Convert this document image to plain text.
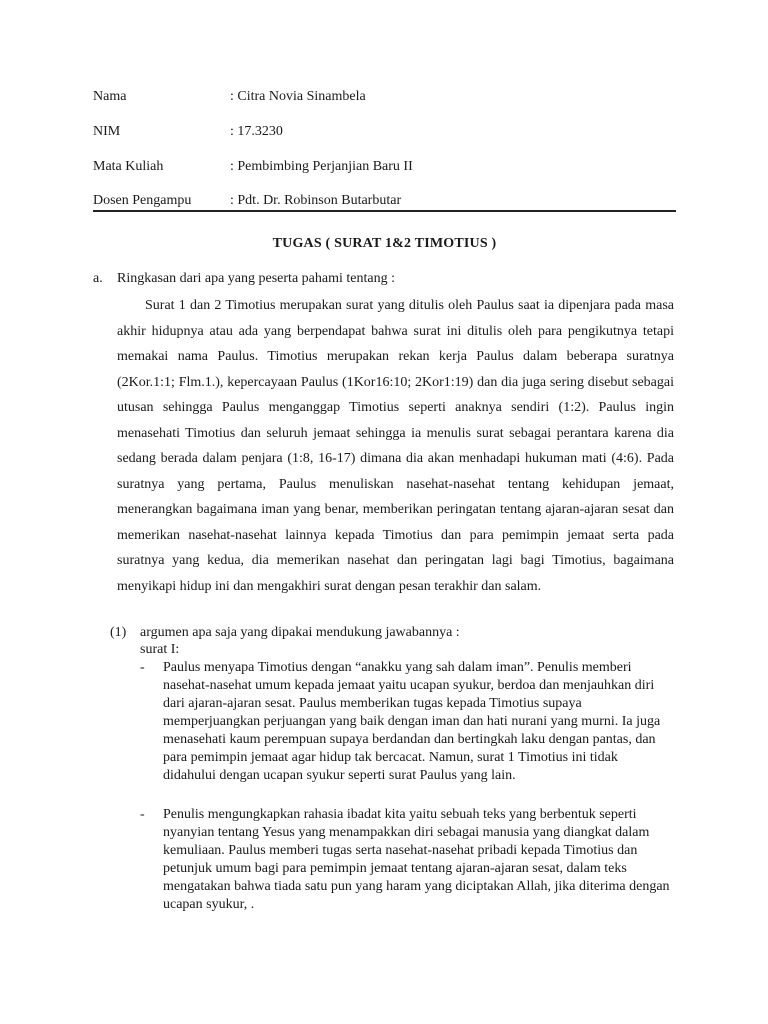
Nama	: Citra Novia Sinambela
NIM	: 17.3230
Mata Kuliah	: Pembimbing Perjanjian Baru II
Dosen Pengampu	: Pdt. Dr. Robinson Butarbutar
TUGAS ( SURAT 1&2 TIMOTIUS )
a. Ringkasan dari apa yang peserta pahami tentang :

Surat 1 dan 2 Timotius merupakan surat yang ditulis oleh Paulus saat ia dipenjara pada masa akhir hidupnya atau ada yang berpendapat bahwa surat ini ditulis oleh para pengikutnya tetapi memakai nama Paulus. Timotius merupakan rekan kerja Paulus dalam beberapa suratnya (2Kor.1:1; Flm.1.), kepercayaan Paulus (1Kor16:10; 2Kor1:19) dan dia juga sering disebut sebagai utusan sehingga Paulus menganggap Timotius seperti anaknya sendiri (1:2). Paulus ingin menasehati Timotius dan seluruh jemaat sehingga ia menulis surat sebagai perantara karena dia sedang berada dalam penjara (1:8, 16-17) dimana dia akan menhadapi hukuman mati (4:6). Pada suratnya yang pertama, Paulus menuliskan nasehat-nasehat tentang kehidupan jemaat, menerangkan bagaimana iman yang benar, memberikan peringatan tentang ajaran-ajaran sesat dan memerikan nasehat-nasehat lainnya kepada Timotius dan para pemimpin jemaat serta pada suratnya yang kedua, dia memerikan nasehat dan peringatan lagi bagi Timotius, bagaimana menyikapi hidup ini dan mengakhiri surat dengan pesan terakhir dan salam.

(1) argumen apa saja yang dipakai mendukung jawabannya :
surat I:
- Paulus menyapa Timotius dengan “anakku yang sah dalam iman”. Penulis memberi nasehat-nasehat umum kepada jemaat yaitu ucapan syukur, berdoa dan menjauhkan diri dari ajaran-ajaran sesat. Paulus memberikan tugas kepada Timotius supaya memperjuangkan perjuangan yang baik dengan iman dan hati nurani yang murni. Ia juga menasehati kaum perempuan supaya berdandan dan bertingkah laku dengan pantas, dan para pemimpin jemaat agar hidup tak bercacat. Namun, surat 1 Timotius ini tidak didahului dengan ucapan syukur seperti surat Paulus yang lain.

- Penulis mengungkapkan rahasia ibadat kita yaitu sebuah teks yang berbentuk seperti nyanyian tentang Yesus yang menampakkan diri sebagai manusia yang diangkat dalam kemuliaan. Paulus memberi tugas serta nasehat-nasehat pribadi kepada Timotius dan petunjuk umum bagi para pemimpin jemaat tentang ajaran-ajaran sesat, dalam teks mengatakan bahwa tiada satu pun yang haram yang diciptakan Allah, jika diterima dengan ucapan syukur, .
